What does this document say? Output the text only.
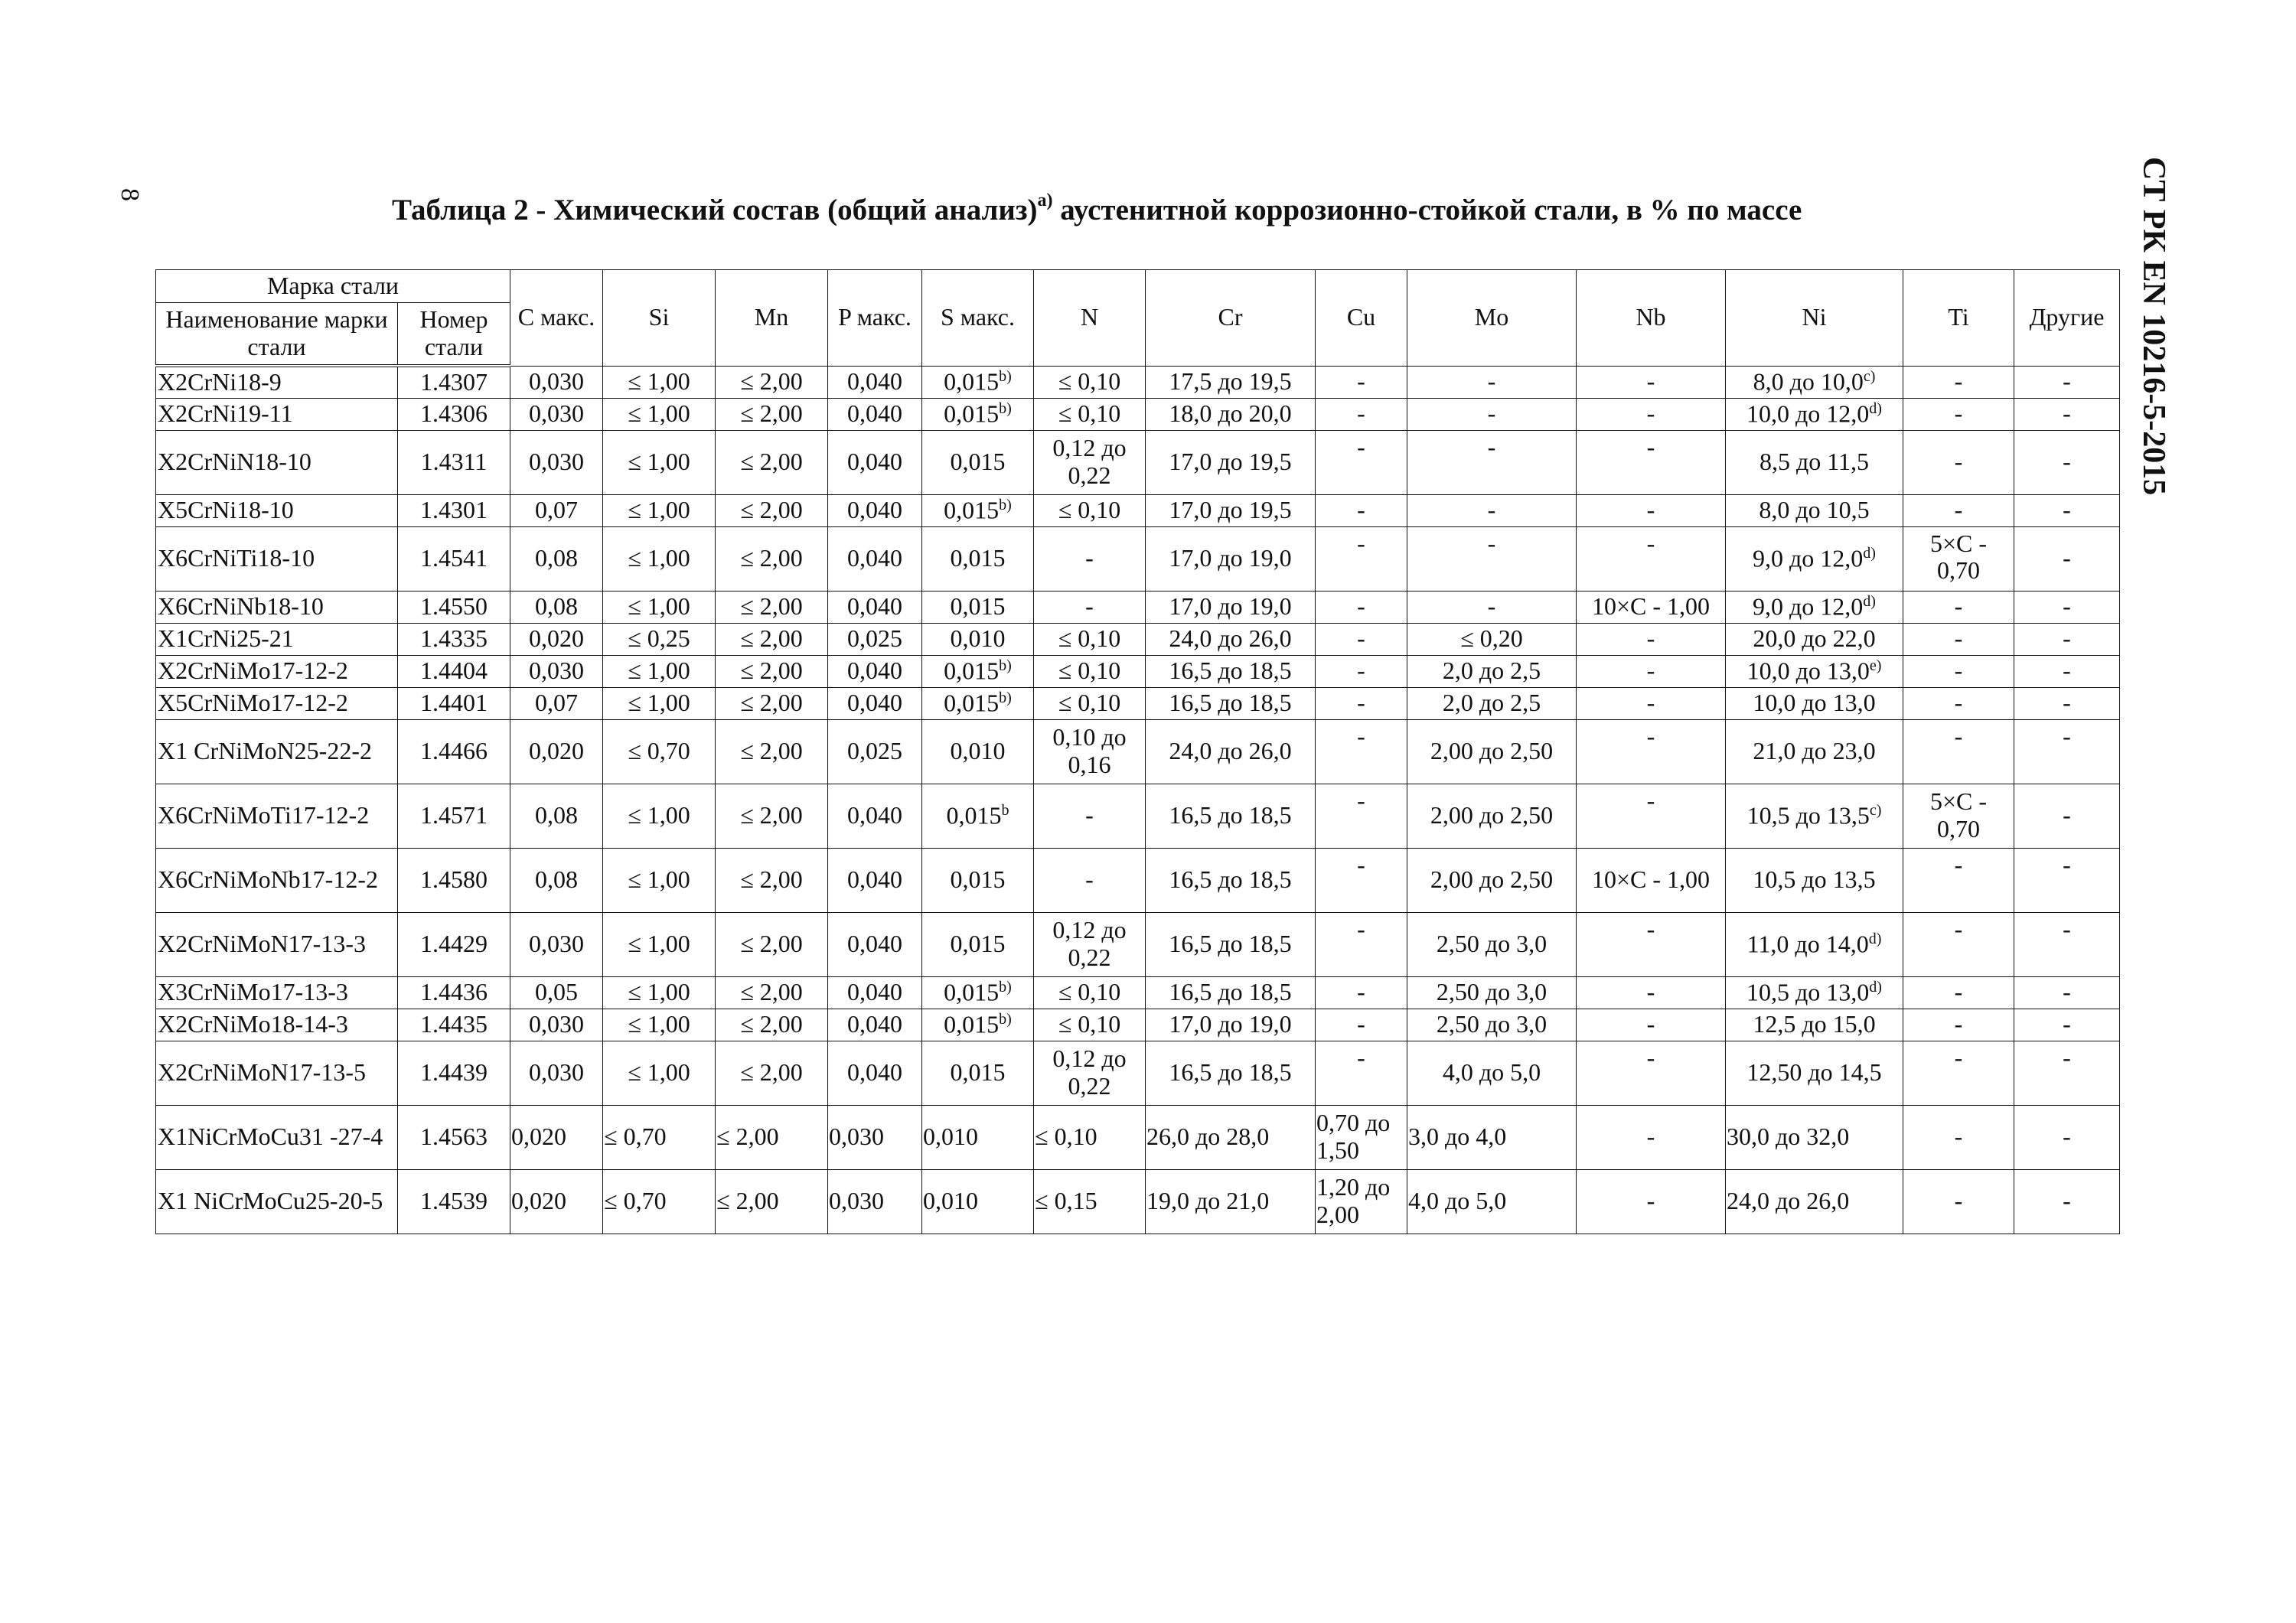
8	СТ РК EN 10216-5-2015
Таблица 2 - Химический состав (общий анализ)$^{а)}$ аустенитной коррозионно-стойкой стали, в % по массе
Марка стали		C макс.	Si	Mn	P макс.	S макс.	N	Cr	Cu	Mo	Nb	Ni	Ti	Другие
Наименование марки стали	Номер стали													
X2CrNi18-9	1.4307	0,030	≤ 1,00	≤ 2,00	0,040	$0,015^{b)}$	≤ 0,10	17,5 до 19,5	-	-	-	8,0 до 10,0$^{c)}$	-	-
X2CrNi19-11	1.4306	0,030	≤ 1,00	≤ 2,00	0,040	$0,015^{b)}$	≤ 0,10	18,0 до 20,0	-	-	-	10,0 до 12,0$^{d)}$	-	-
X2CrNiN18-10	1.4311	0,030	≤ 1,00	≤ 2,00	0,040	0,015	0,12 до 0,22	17,0 до 19,5	-	-	-	8,5 до 11,5	-	-
X5CrNi18-10	1.4301	0,07	≤ 1,00	≤ 2,00	0,040	$0,015^{b)}$	≤ 0,10	17,0 до 19,5	-	-	-	8,0 до 10,5	-	-
X6CrNiTi18-10	1.4541	0,08	≤ 1,00	≤ 2,00	0,040	0,015	-	17,0 до 19,0	-	-	-	9,0 до 12,0$^{d)}$	5×C - 0,70	-
X6CrNiNb18-10	1.4550	0,08	≤ 1,00	≤ 2,00	0,040	0,015	-	17,0 до 19,0	-	-	10×C - 1,00	9,0 до 12,0$^{d)}$	-	-
X1CrNi25-21	1.4335	0,020	≤ 0,25	≤ 2,00	0,025	0,010	≤ 0,10	24,0 до 26,0	-	≤ 0,20	-	20,0 до 22,0	-	-
X2CrNiMo17-12-2	1.4404	0,030	≤ 1,00	≤ 2,00	0,040	$0,015^{b)}$	≤ 0,10	16,5 до 18,5	-	2,0 до 2,5	-	10,0 до 13,0$^{e)}$	-	-
X5CrNiMo17-12-2	1.4401	0,07	≤ 1,00	≤ 2,00	0,040	$0,015^{b)}$	≤ 0,10	16,5 до 18,5	-	2,0 до 2,5	-	10,0 до 13,0	-	-
X1 CrNiMoN25-22-2	1.4466	0,020	≤ 0,70	≤ 2,00	0,025	0,010	0,10 до 0,16	24,0 до 26,0	-	2,00 до 2,50	-	21,0 до 23,0	-	-
X6CrNiMoTi17-12-2	1.4571	0,08	≤ 1,00	≤ 2,00	0,040	0,015$^b$	-	16,5 до 18,5	-	2,00 до 2,50	-	10,5 до 13,5$^{c)}$	5×C - 0,70	-
X6CrNiMoNb17-12-2	1.4580	0,08	≤ 1,00	≤ 2,00	0,040	0,015	-	16,5 до 18,5	-	2,00 до 2,50	10×C - 1,00	10,5 до 13,5	-	-
X2CrNiMoN17-13-3	1.4429	0,030	≤ 1,00	≤ 2,00	0,040	0,015	0,12 до 0,22	16,5 до 18,5	-	2,50 до 3,0	-	11,0 до 14,0$^{d)}$	-	-
X3CrNiMo17-13-3	1.4436	0,05	≤ 1,00	≤ 2,00	0,040	$0,015^{b)}$	≤ 0,10	16,5 до 18,5	-	2,50 до 3,0	-	10,5 до 13,0$^{d)}$	-	-
X2CrNiMo18-14-3	1.4435	0,030	≤ 1,00	≤ 2,00	0,040	$0,015^{b)}$	≤ 0,10	17,0 до 19,0	-	2,50 до 3,0	-	12,5 до 15,0	-	-
X2CrNiMoN17-13-5	1.4439	0,030	≤ 1,00	≤ 2,00	0,040	0,015	0,12 до 0,22	16,5 до 18,5	-	4,0 до 5,0	-	12,50 до 14,5	-	-
X1NiCrMoCu31 -27-4	1.4563	0,020	≤ 0,70	≤ 2,00	0,030	0,010	≤ 0,10	26,0 до 28,0	0,70 до 1,50	3,0 до 4,0	-	30,0 до 32,0	-	-
X1 NiCrMoCu25-20-5	1.4539	0,020	≤ 0,70	≤ 2,00	0,030	0,010	≤ 0,15	19,0 до 21,0	1,20 до 2,00	4,0 до 5,0	-	24,0 до 26,0	-	-
